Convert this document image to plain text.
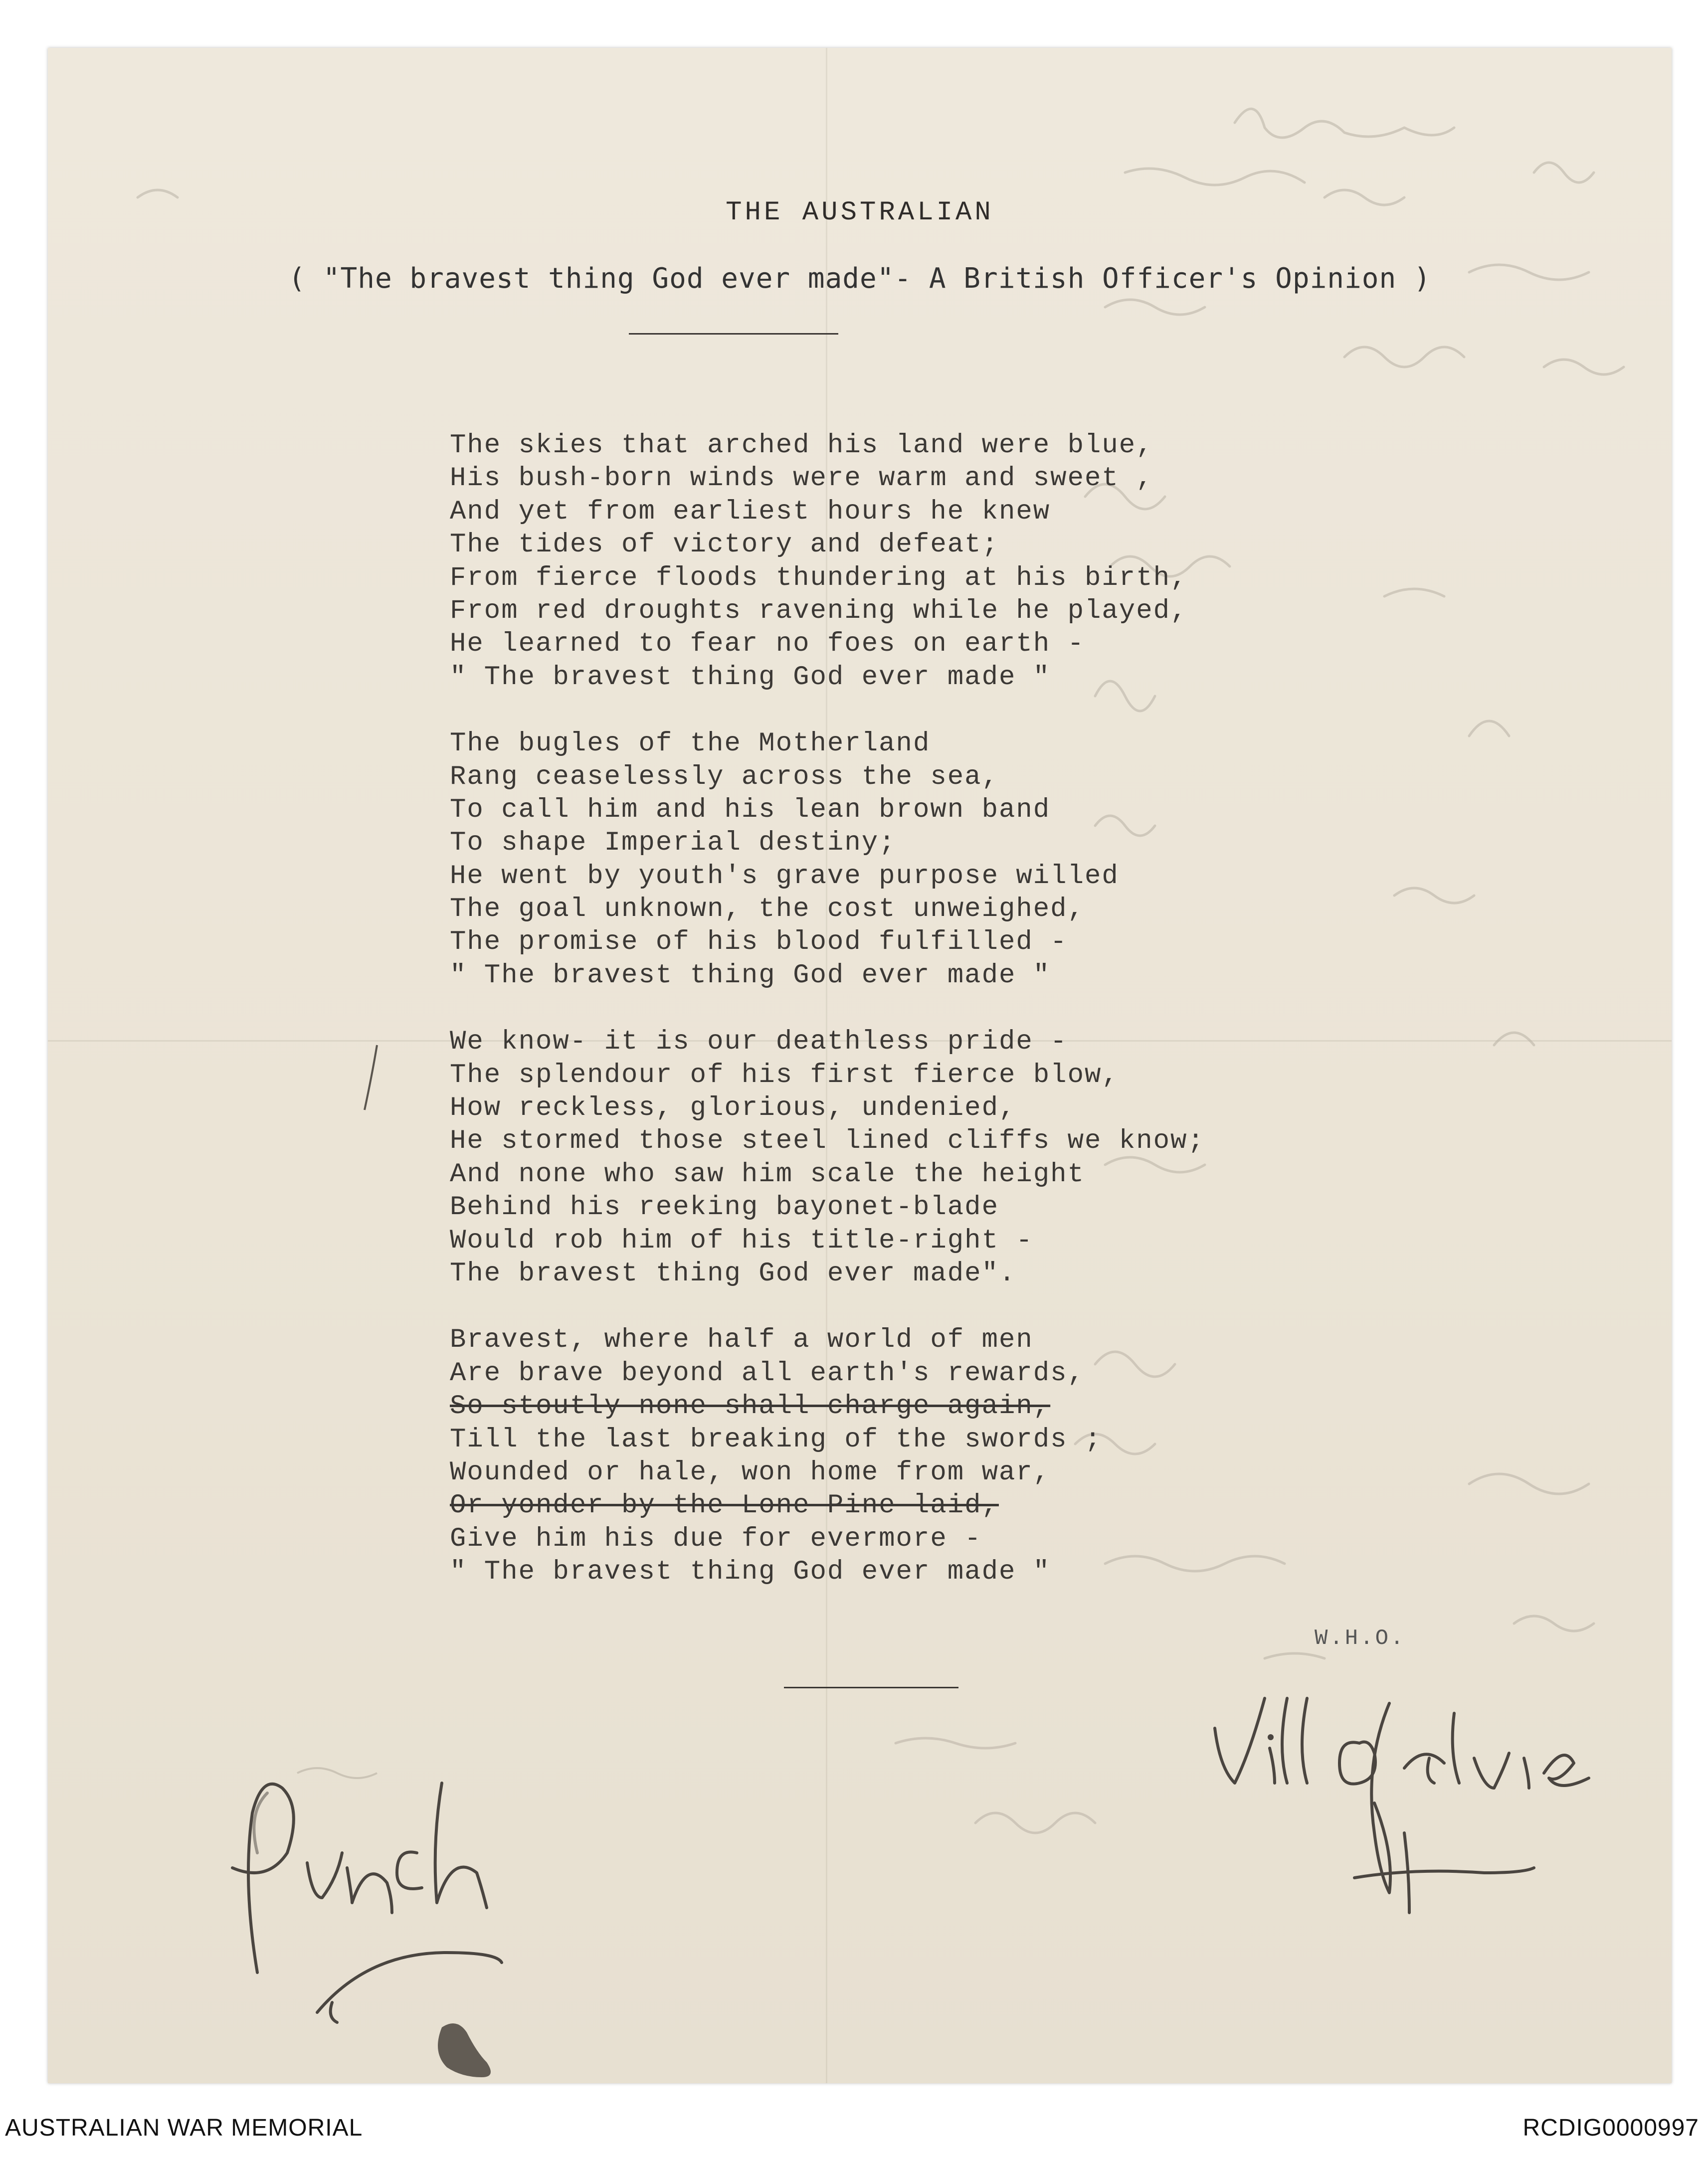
THE AUSTRALIAN
( "The bravest thing God ever made"- A British Officer's Opinion )
The skies that arched his land were blue,
His bush-born winds were warm and sweet ,
And yet from earliest hours he knew
The tides of victory and defeat;
From fierce floods thundering at his birth,
From red droughts ravening while he played,
He learned to fear no foes on earth -
" The bravest thing God ever made "
The bugles of the Motherland
Rang ceaselessly across the sea,
To call him and his lean brown band
To shape Imperial destiny;
He went by youth's grave purpose willed
The goal unknown, the cost unweighed,
The promise of his blood fulfilled -
" The bravest thing God ever made "
We know- it is our deathless pride -
The splendour of his first fierce blow,
How reckless, glorious, undenied,
He stormed those steel lined cliffs we know;
And none who saw him scale the height
Behind his reeking bayonet-blade
Would rob him of his title-right -
The bravest thing God ever made".
Bravest, where half a world of men
Are brave beyond all earth's rewards,
So stoutly none shall charge again,
Till the last breaking of the swords ;
Wounded or hale, won home from war,
Or yonder by the Lone Pine laid,
Give him his due for evermore -
" The bravest thing God ever made "
W.H.O.
AUSTRALIAN WAR MEMORIAL	RCDIG0000997
